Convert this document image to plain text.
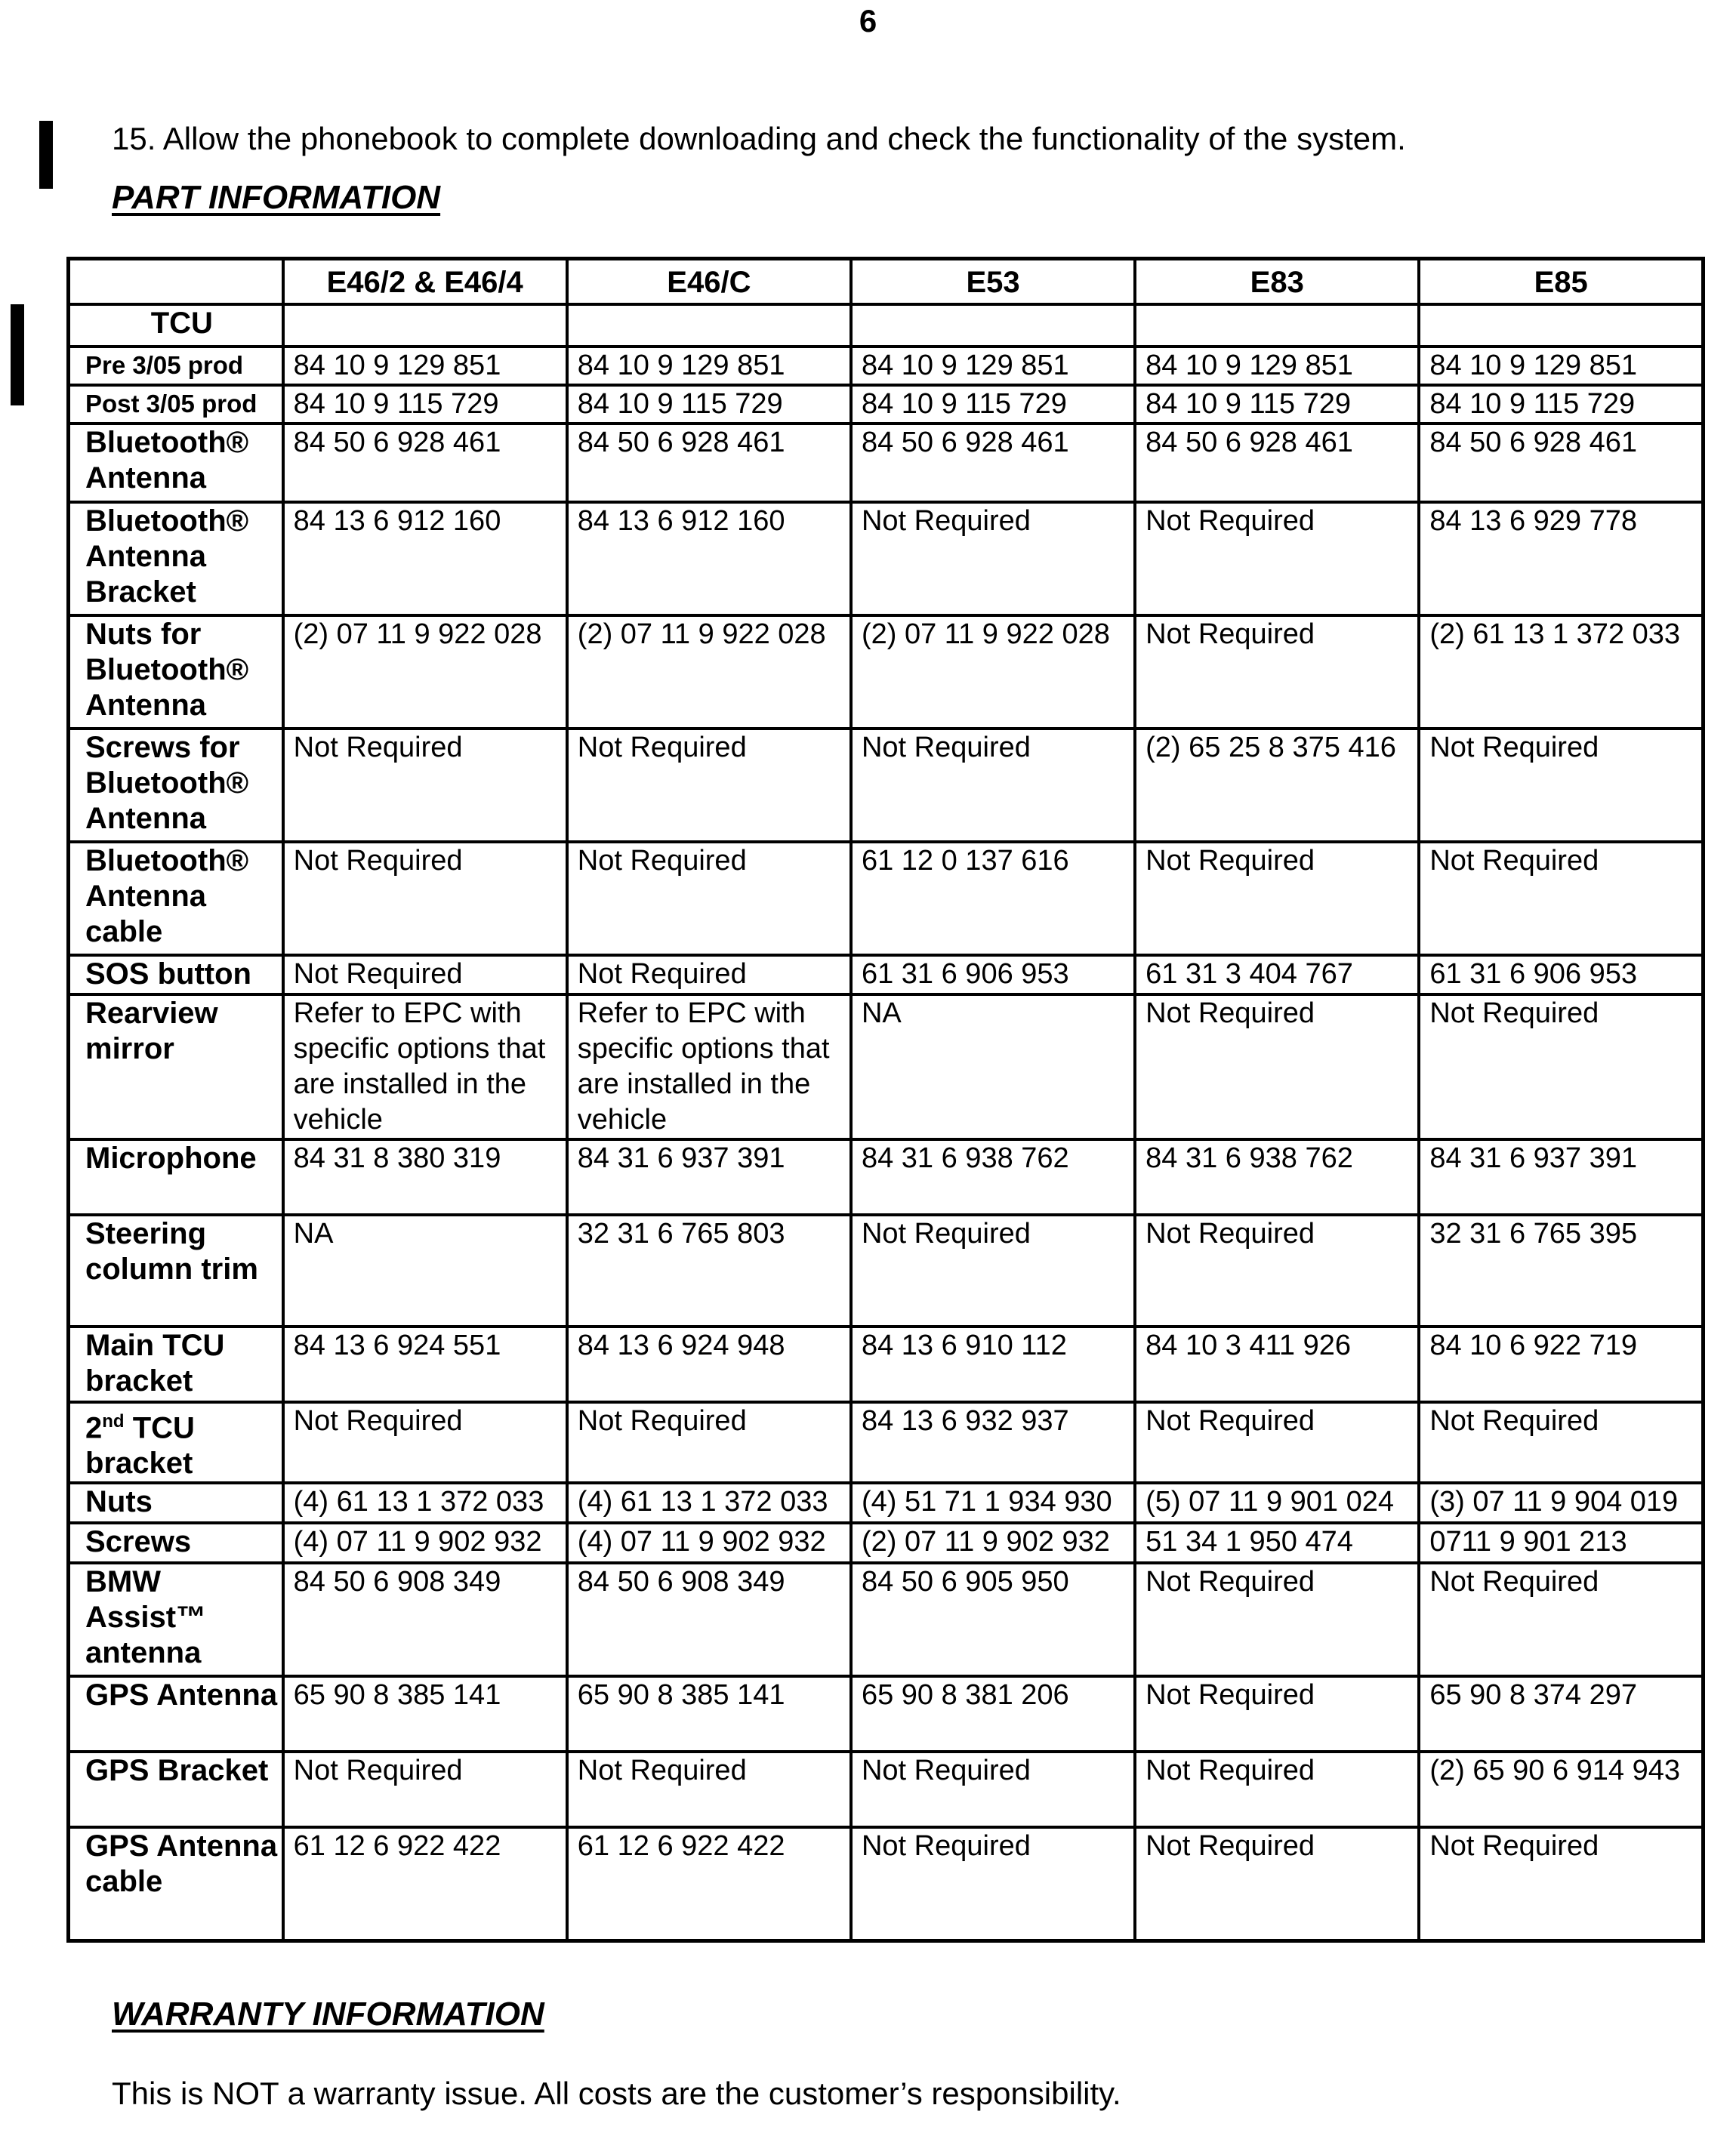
6
15. Allow the phonebook to complete downloading and check the functionality of the system.
PART INFORMATION
	E46/2 & E46/4	E46/C	E53	E83	E85
TCU					
Pre 3/05 prod	84 10 9 129 851	84 10 9 129 851	84 10 9 129 851	84 10 9 129 851	84 10 9 129 851
Post 3/05 prod	84 10 9 115 729	84 10 9 115 729	84 10 9 115 729	84 10 9 115 729	84 10 9 115 729
Bluetooth® Antenna	84 50 6 928 461	84 50 6 928 461	84 50 6 928 461	84 50 6 928 461	84 50 6 928 461
Bluetooth® Antenna Bracket	84 13 6 912 160	84 13 6 912 160	Not Required	Not Required	84 13 6 929 778
Nuts for Bluetooth® Antenna	(2) 07 11 9 922 028	(2) 07 11 9 922 028	(2) 07 11 9 922 028	Not Required	(2) 61 13 1 372 033
Screws for Bluetooth® Antenna	Not Required	Not Required	Not Required	(2) 65 25 8 375 416	Not Required
Bluetooth® Antenna cable	Not Required	Not Required	61 12 0 137 616	Not Required	Not Required
SOS button	Not Required	Not Required	61 31 6 906 953	61 31 3 404 767	61 31 6 906 953
Rearview mirror	Refer to EPC with specific options that are installed in the vehicle	Refer to EPC with specific options that are installed in the vehicle	NA	Not Required	Not Required
Microphone	84 31 8 380 319	84 31 6 937 391	84 31 6 938 762	84 31 6 938 762	84 31 6 937 391
Steering column trim	NA	32 31 6 765 803	Not Required	Not Required	32 31 6 765 395
Main TCU bracket	84 13 6 924 551	84 13 6 924 948	84 13 6 910 112	84 10 3 411 926	84 10 6 922 719
2nd TCU bracket	Not Required	Not Required	84 13 6 932 937	Not Required	Not Required
Nuts	(4) 61 13 1 372 033	(4) 61 13 1 372 033	(4) 51 71 1 934 930	(5) 07 11 9 901 024	(3) 07 11 9 904 019
Screws	(4) 07 11 9 902 932	(4) 07 11 9 902 932	(2) 07 11 9 902 932	51 34 1 950 474	0711 9 901 213
BMW Assist™ antenna	84 50 6 908 349	84 50 6 908 349	84 50 6 905 950	Not Required	Not Required
GPS Antenna	65 90 8 385 141	65 90 8 385 141	65 90 8 381 206	Not Required	65 90 8 374 297
GPS Bracket	Not Required	Not Required	Not Required	Not Required	(2) 65 90 6 914 943
GPS Antenna cable	61 12 6 922 422	61 12 6 922 422	Not Required	Not Required	Not Required
WARRANTY INFORMATION
This is NOT a warranty issue. All costs are the customer’s responsibility.
